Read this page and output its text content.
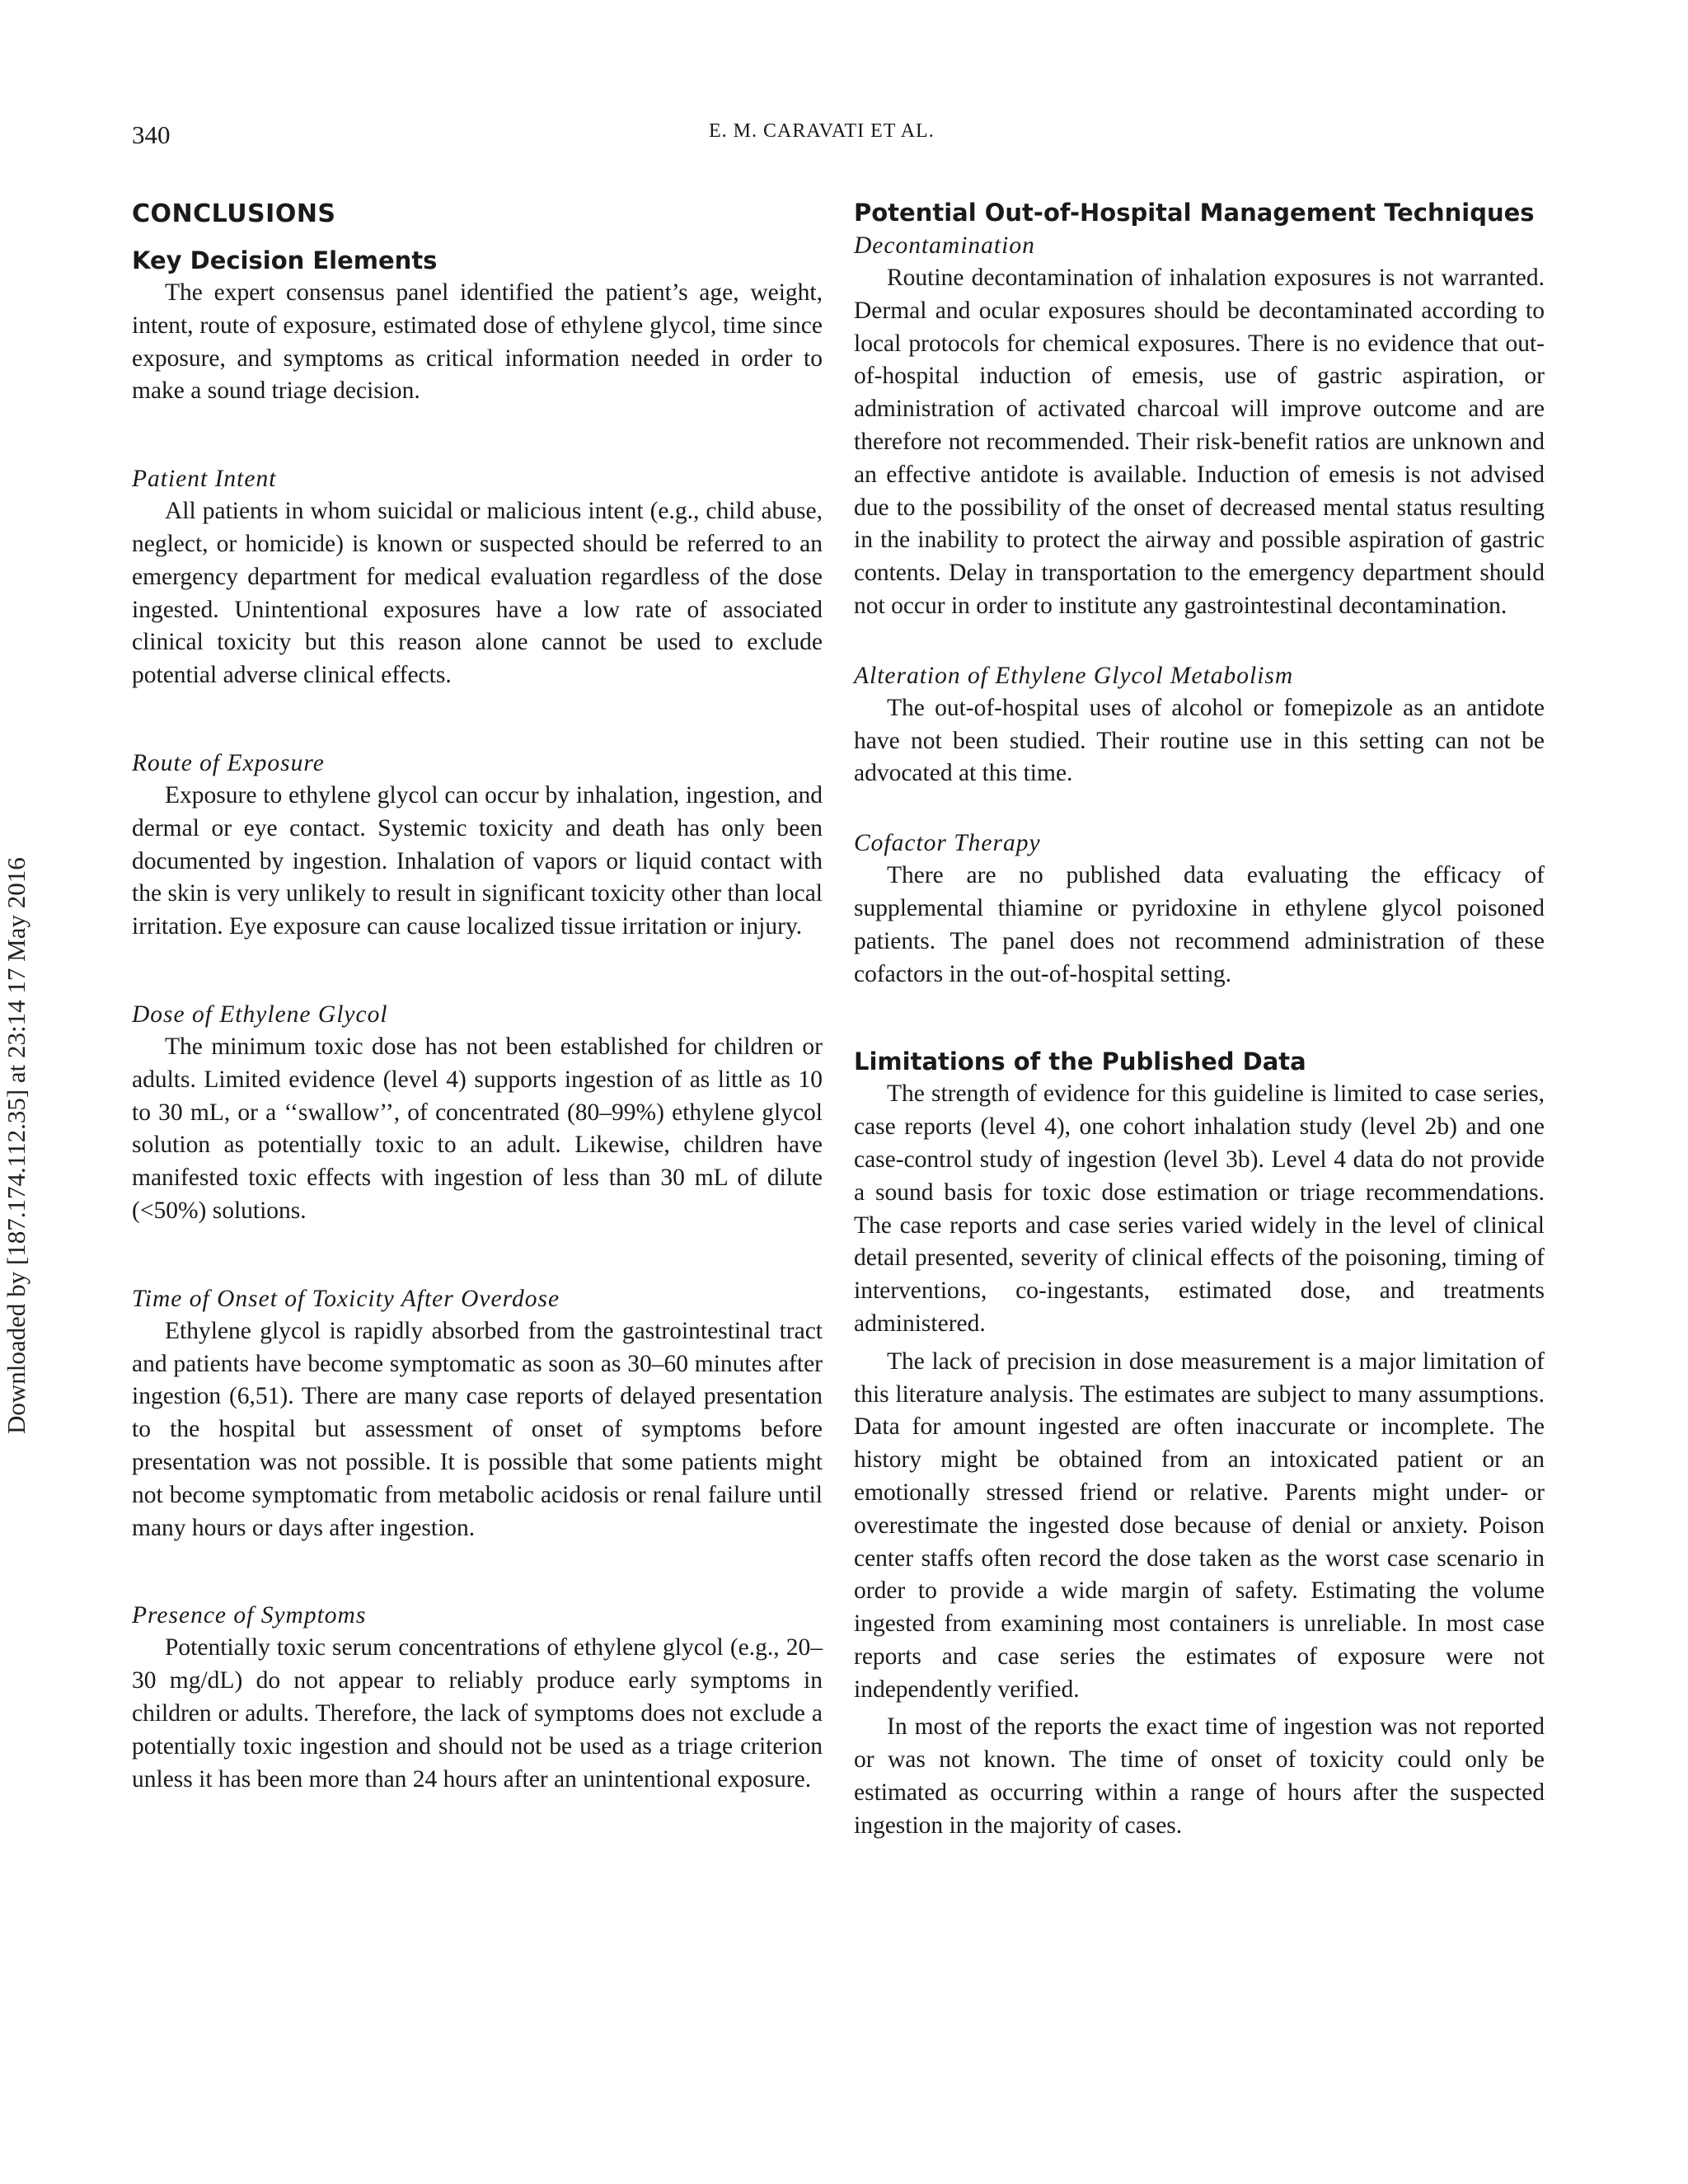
340	E. M. CARAVATI ET AL.
Downloaded by [187.174.112.35] at 23:14 17 May 2016
CONCLUSIONS
Key Decision Elements

The expert consensus panel identified the patient’s age, weight, intent, route of exposure, estimated dose of ethylene glycol, time since exposure, and symptoms as critical information needed in order to make a sound triage decision.

Patient Intent

All patients in whom suicidal or malicious intent (e.g., child abuse, neglect, or homicide) is known or suspected should be referred to an emergency department for medical evaluation regardless of the dose ingested. Unintentional exposures have a low rate of associated clinical toxicity but this reason alone cannot be used to exclude potential adverse clinical effects.

Route of Exposure

Exposure to ethylene glycol can occur by inhalation, ingestion, and dermal or eye contact. Systemic toxicity and death has only been documented by ingestion. Inhalation of vapors or liquid contact with the skin is very unlikely to result in significant toxicity other than local irritation. Eye exposure can cause localized tissue irritation or injury.

Dose of Ethylene Glycol

The minimum toxic dose has not been established for children or adults. Limited evidence (level 4) supports ingestion of as little as 10 to 30 mL, or a ‘‘swallow’’, of concentrated (80–99%) ethylene glycol solution as potentially toxic to an adult. Likewise, children have manifested toxic effects with ingestion of less than 30 mL of dilute (<50%) solutions.

Time of Onset of Toxicity After Overdose

Ethylene glycol is rapidly absorbed from the gastrointestinal tract and patients have become symptomatic as soon as 30–60 minutes after ingestion (6,51). There are many case reports of delayed presentation to the hospital but assessment of onset of symptoms before presentation was not possible. It is possible that some patients might not become symptomatic from metabolic acidosis or renal failure until many hours or days after ingestion.

Presence of Symptoms

Potentially toxic serum concentrations of ethylene glycol (e.g., 20–30 mg/dL) do not appear to reliably produce early symptoms in children or adults. Therefore, the lack of symptoms does not exclude a potentially toxic ingestion and should not be used as a triage criterion unless it has been more than 24 hours after an unintentional exposure.

Potential Out-of-Hospital Management Techniques
Decontamination

Routine decontamination of inhalation exposures is not warranted. Dermal and ocular exposures should be decontaminated according to local protocols for chemical exposures. There is no evidence that out-of-hospital induction of emesis, use of gastric aspiration, or administration of activated charcoal will improve outcome and are therefore not recommended. Their risk-benefit ratios are unknown and an effective antidote is available. Induction of emesis is not advised due to the possibility of the onset of decreased mental status resulting in the inability to protect the airway and possible aspiration of gastric contents. Delay in transportation to the emergency department should not occur in order to institute any gastrointestinal decontamination.

Alteration of Ethylene Glycol Metabolism

The out-of-hospital uses of alcohol or fomepizole as an antidote have not been studied. Their routine use in this setting can not be advocated at this time.

Cofactor Therapy

There are no published data evaluating the efficacy of supplemental thiamine or pyridoxine in ethylene glycol poisoned patients. The panel does not recommend administration of these cofactors in the out-of-hospital setting.

Limitations of the Published Data

The strength of evidence for this guideline is limited to case series, case reports (level 4), one cohort inhalation study (level 2b) and one case-control study of ingestion (level 3b). Level 4 data do not provide a sound basis for toxic dose estimation or triage recommendations. The case reports and case series varied widely in the level of clinical detail presented, severity of clinical effects of the poisoning, timing of interventions, co-ingestants, estimated dose, and treatments administered.

The lack of precision in dose measurement is a major limitation of this literature analysis. The estimates are subject to many assumptions. Data for amount ingested are often inaccurate or incomplete. The history might be obtained from an intoxicated patient or an emotionally stressed friend or relative. Parents might under- or overestimate the ingested dose because of denial or anxiety. Poison center staffs often record the dose taken as the worst case scenario in order to provide a wide margin of safety. Estimating the volume ingested from examining most containers is unreliable. In most case reports and case series the estimates of exposure were not independently verified.

In most of the reports the exact time of ingestion was not reported or was not known. The time of onset of toxicity could only be estimated as occurring within a range of hours after the suspected ingestion in the majority of cases.
